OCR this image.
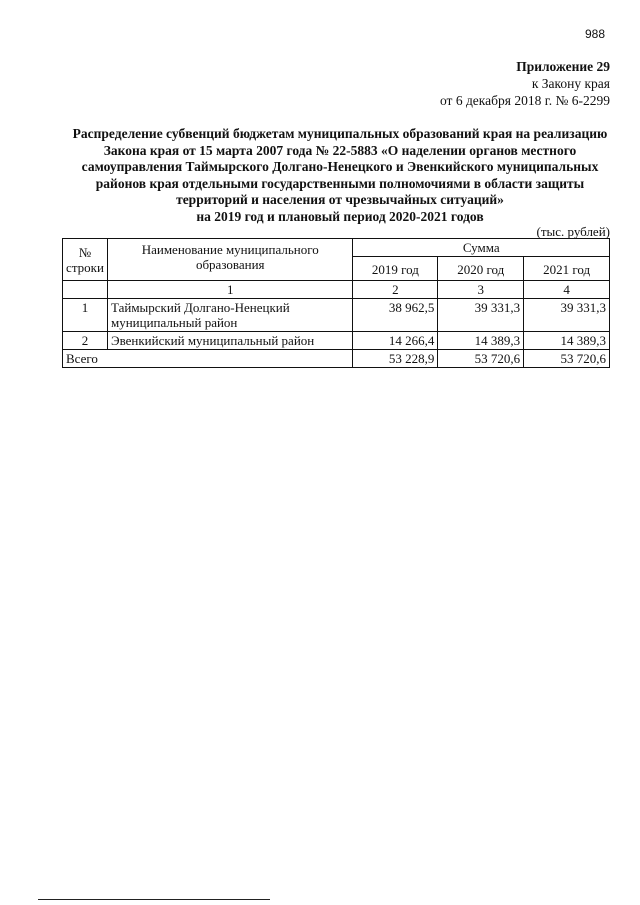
988
Приложение 29
к Закону края
от 6 декабря 2018 г. № 6-2299
Распределение субвенций бюджетам муниципальных образований края на реализацию
Закона края от 15 марта 2007 года № 22-5883 «О наделении органов местного
самоуправления Таймырского Долгано-Ненецкого и Эвенкийского муниципальных
районов края отдельными государственными полномочиями в области защиты
территорий и населения от чрезвычайных ситуаций»
на 2019 год и плановый период 2020-2021 годов
(тыс. рублей)
№ строки	Наименование муниципального образования	Сумма		
		2019 год	2020 год	2021 год
	1	2	3	4
1	Таймырский Долгано-Ненецкий муниципальный район	38 962,5	39 331,3	39 331,3
2	Эвенкийский муниципальный район	14 266,4	14 389,3	14 389,3
Всего		53 228,9	53 720,6	53 720,6
